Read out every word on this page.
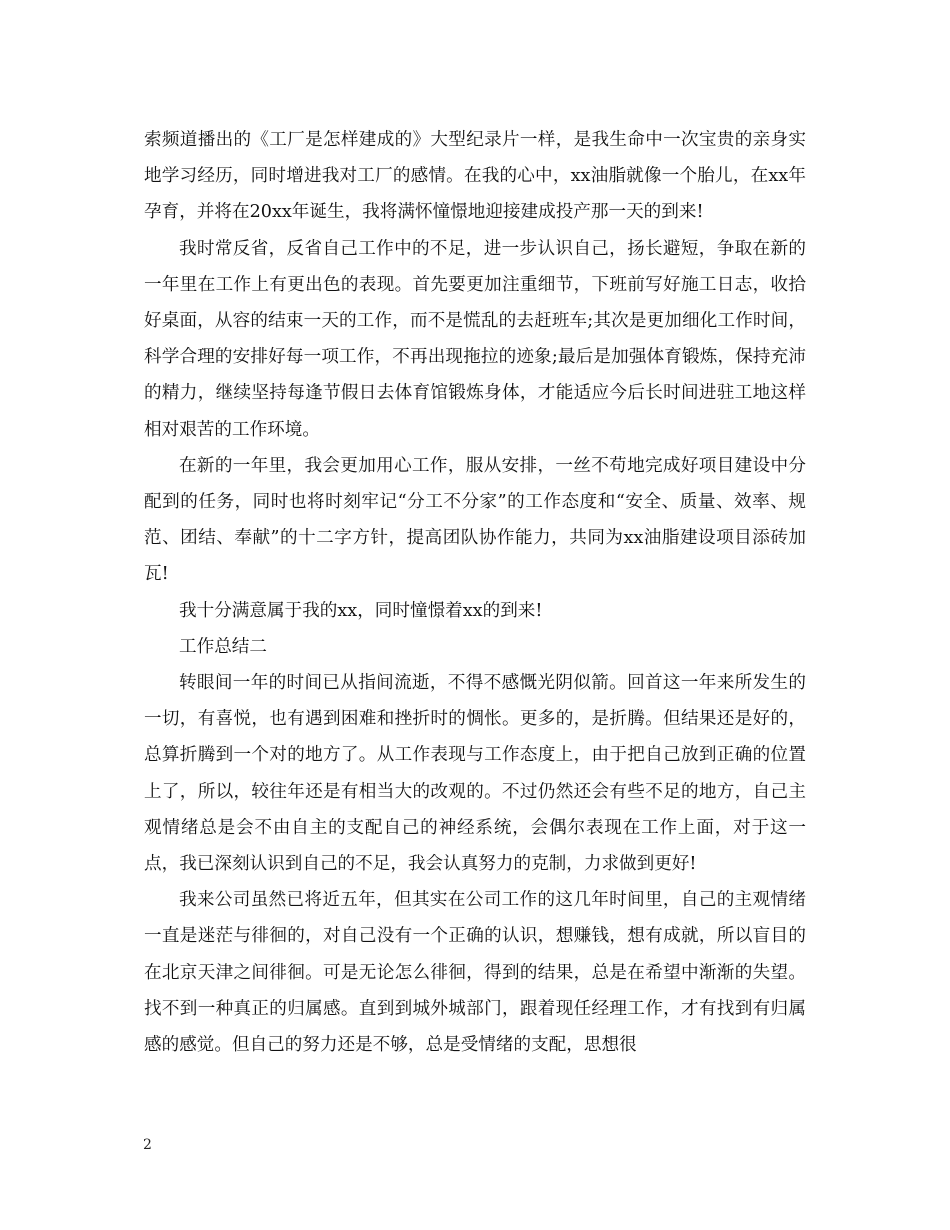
索频道播出的《工厂是怎样建成的》大型纪录片一样，是我生命中一次宝贵的亲身实地学习经历，同时增进我对工厂的感情。在我的心中，xx油脂就像一个胎儿，在xx年孕育，并将在20xx年诞生，我将满怀憧憬地迎接建成投产那一天的到来!

我时常反省，反省自己工作中的不足，进一步认识自己，扬长避短，争取在新的一年里在工作上有更出色的表现。首先要更加注重细节，下班前写好施工日志，收拾好桌面，从容的结束一天的工作，而不是慌乱的去赶班车;其次是更加细化工作时间，科学合理的安排好每一项工作，不再出现拖拉的迹象;最后是加强体育锻炼，保持充沛的精力，继续坚持每逢节假日去体育馆锻炼身体，才能适应今后长时间进驻工地这样相对艰苦的工作环境。

在新的一年里，我会更加用心工作，服从安排，一丝不苟地完成好项目建设中分配到的任务，同时也将时刻牢记“分工不分家”的工作态度和“安全、质量、效率、规范、团结、奉献”的十二字方针，提高团队协作能力，共同为xx油脂建设项目添砖加瓦!

我十分满意属于我的xx，同时憧憬着xx的到来!

工作总结二

转眼间一年的时间已从指间流逝，不得不感慨光阴似箭。回首这一年来所发生的一切，有喜悦，也有遇到困难和挫折时的惆怅。更多的，是折腾。但结果还是好的，总算折腾到一个对的地方了。从工作表现与工作态度上，由于把自己放到正确的位置上了，所以，较往年还是有相当大的改观的。不过仍然还会有些不足的地方，自己主观情绪总是会不由自主的支配自己的神经系统，会偶尔表现在工作上面，对于这一点，我已深刻认识到自己的不足，我会认真努力的克制，力求做到更好!

我来公司虽然已将近五年，但其实在公司工作的这几年时间里，自己的主观情绪一直是迷茫与徘徊的，对自己没有一个正确的认识，想赚钱，想有成就，所以盲目的在北京天津之间徘徊。可是无论怎么徘徊，得到的结果，总是在希望中渐渐的失望。找不到一种真正的归属感。直到到城外城部门，跟着现任经理工作，才有找到有归属感的感觉。但自己的努力还是不够，总是受情绪的支配，思想很

2
